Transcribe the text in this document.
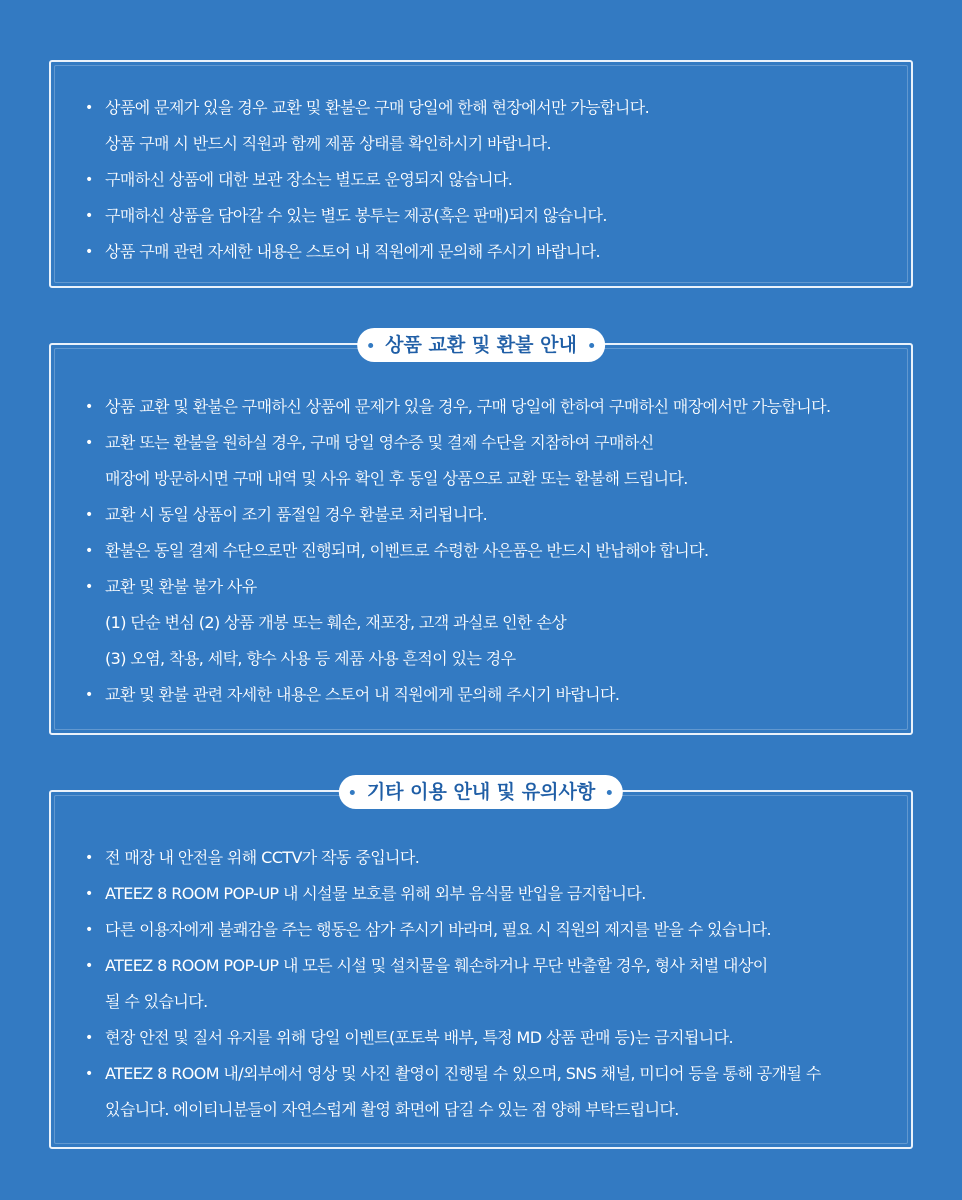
• 상품에 문제가 있을 경우 교환 및 환불은 구매 당일에 한해 현장에서만 가능합니다.
상품 구매 시 반드시 직원과 함께 제품 상태를 확인하시기 바랍니다.
• 구매하신 상품에 대한 보관 장소는 별도로 운영되지 않습니다.
• 구매하신 상품을 담아갈 수 있는 별도 봉투는 제공(혹은 판매)되지 않습니다.
• 상품 구매 관련 자세한 내용은 스토어 내 직원에게 문의해 주시기 바랍니다.
상품 교환 및 환불 안내
• 상품 교환 및 환불은 구매하신 상품에 문제가 있을 경우, 구매 당일에 한하여 구매하신 매장에서만 가능합니다.
• 교환 또는 환불을 원하실 경우, 구매 당일 영수증 및 결제 수단을 지참하여 구매하신
매장에 방문하시면 구매 내역 및 사유 확인 후 동일 상품으로 교환 또는 환불해 드립니다.
• 교환 시 동일 상품이 조기 품절일 경우 환불로 처리됩니다.
• 환불은 동일 결제 수단으로만 진행되며, 이벤트로 수령한 사은품은 반드시 반납해야 합니다.
• 교환 및 환불 불가 사유
(1) 단순 변심 (2) 상품 개봉 또는 훼손, 재포장, 고객 과실로 인한 손상
(3) 오염, 착용, 세탁, 향수 사용 등 제품 사용 흔적이 있는 경우
• 교환 및 환불 관련 자세한 내용은 스토어 내 직원에게 문의해 주시기 바랍니다.
기타 이용 안내 및 유의사항
• 전 매장 내 안전을 위해 CCTV가 작동 중입니다.
• ATEEZ 8 ROOM POP-UP 내 시설물 보호를 위해 외부 음식물 반입을 금지합니다.
• 다른 이용자에게 불쾌감을 주는 행동은 삼가 주시기 바라며, 필요 시 직원의 제지를 받을 수 있습니다.
• ATEEZ 8 ROOM POP-UP 내 모든 시설 및 설치물을 훼손하거나 무단 반출할 경우, 형사 처벌 대상이
될 수 있습니다.
• 현장 안전 및 질서 유지를 위해 당일 이벤트(포토북 배부, 특정 MD 상품 판매 등)는 금지됩니다.
• ATEEZ 8 ROOM 내/외부에서 영상 및 사진 촬영이 진행될 수 있으며, SNS 채널, 미디어 등을 통해 공개될 수
있습니다. 에이티니분들이 자연스럽게 촬영 화면에 담길 수 있는 점 양해 부탁드립니다.
